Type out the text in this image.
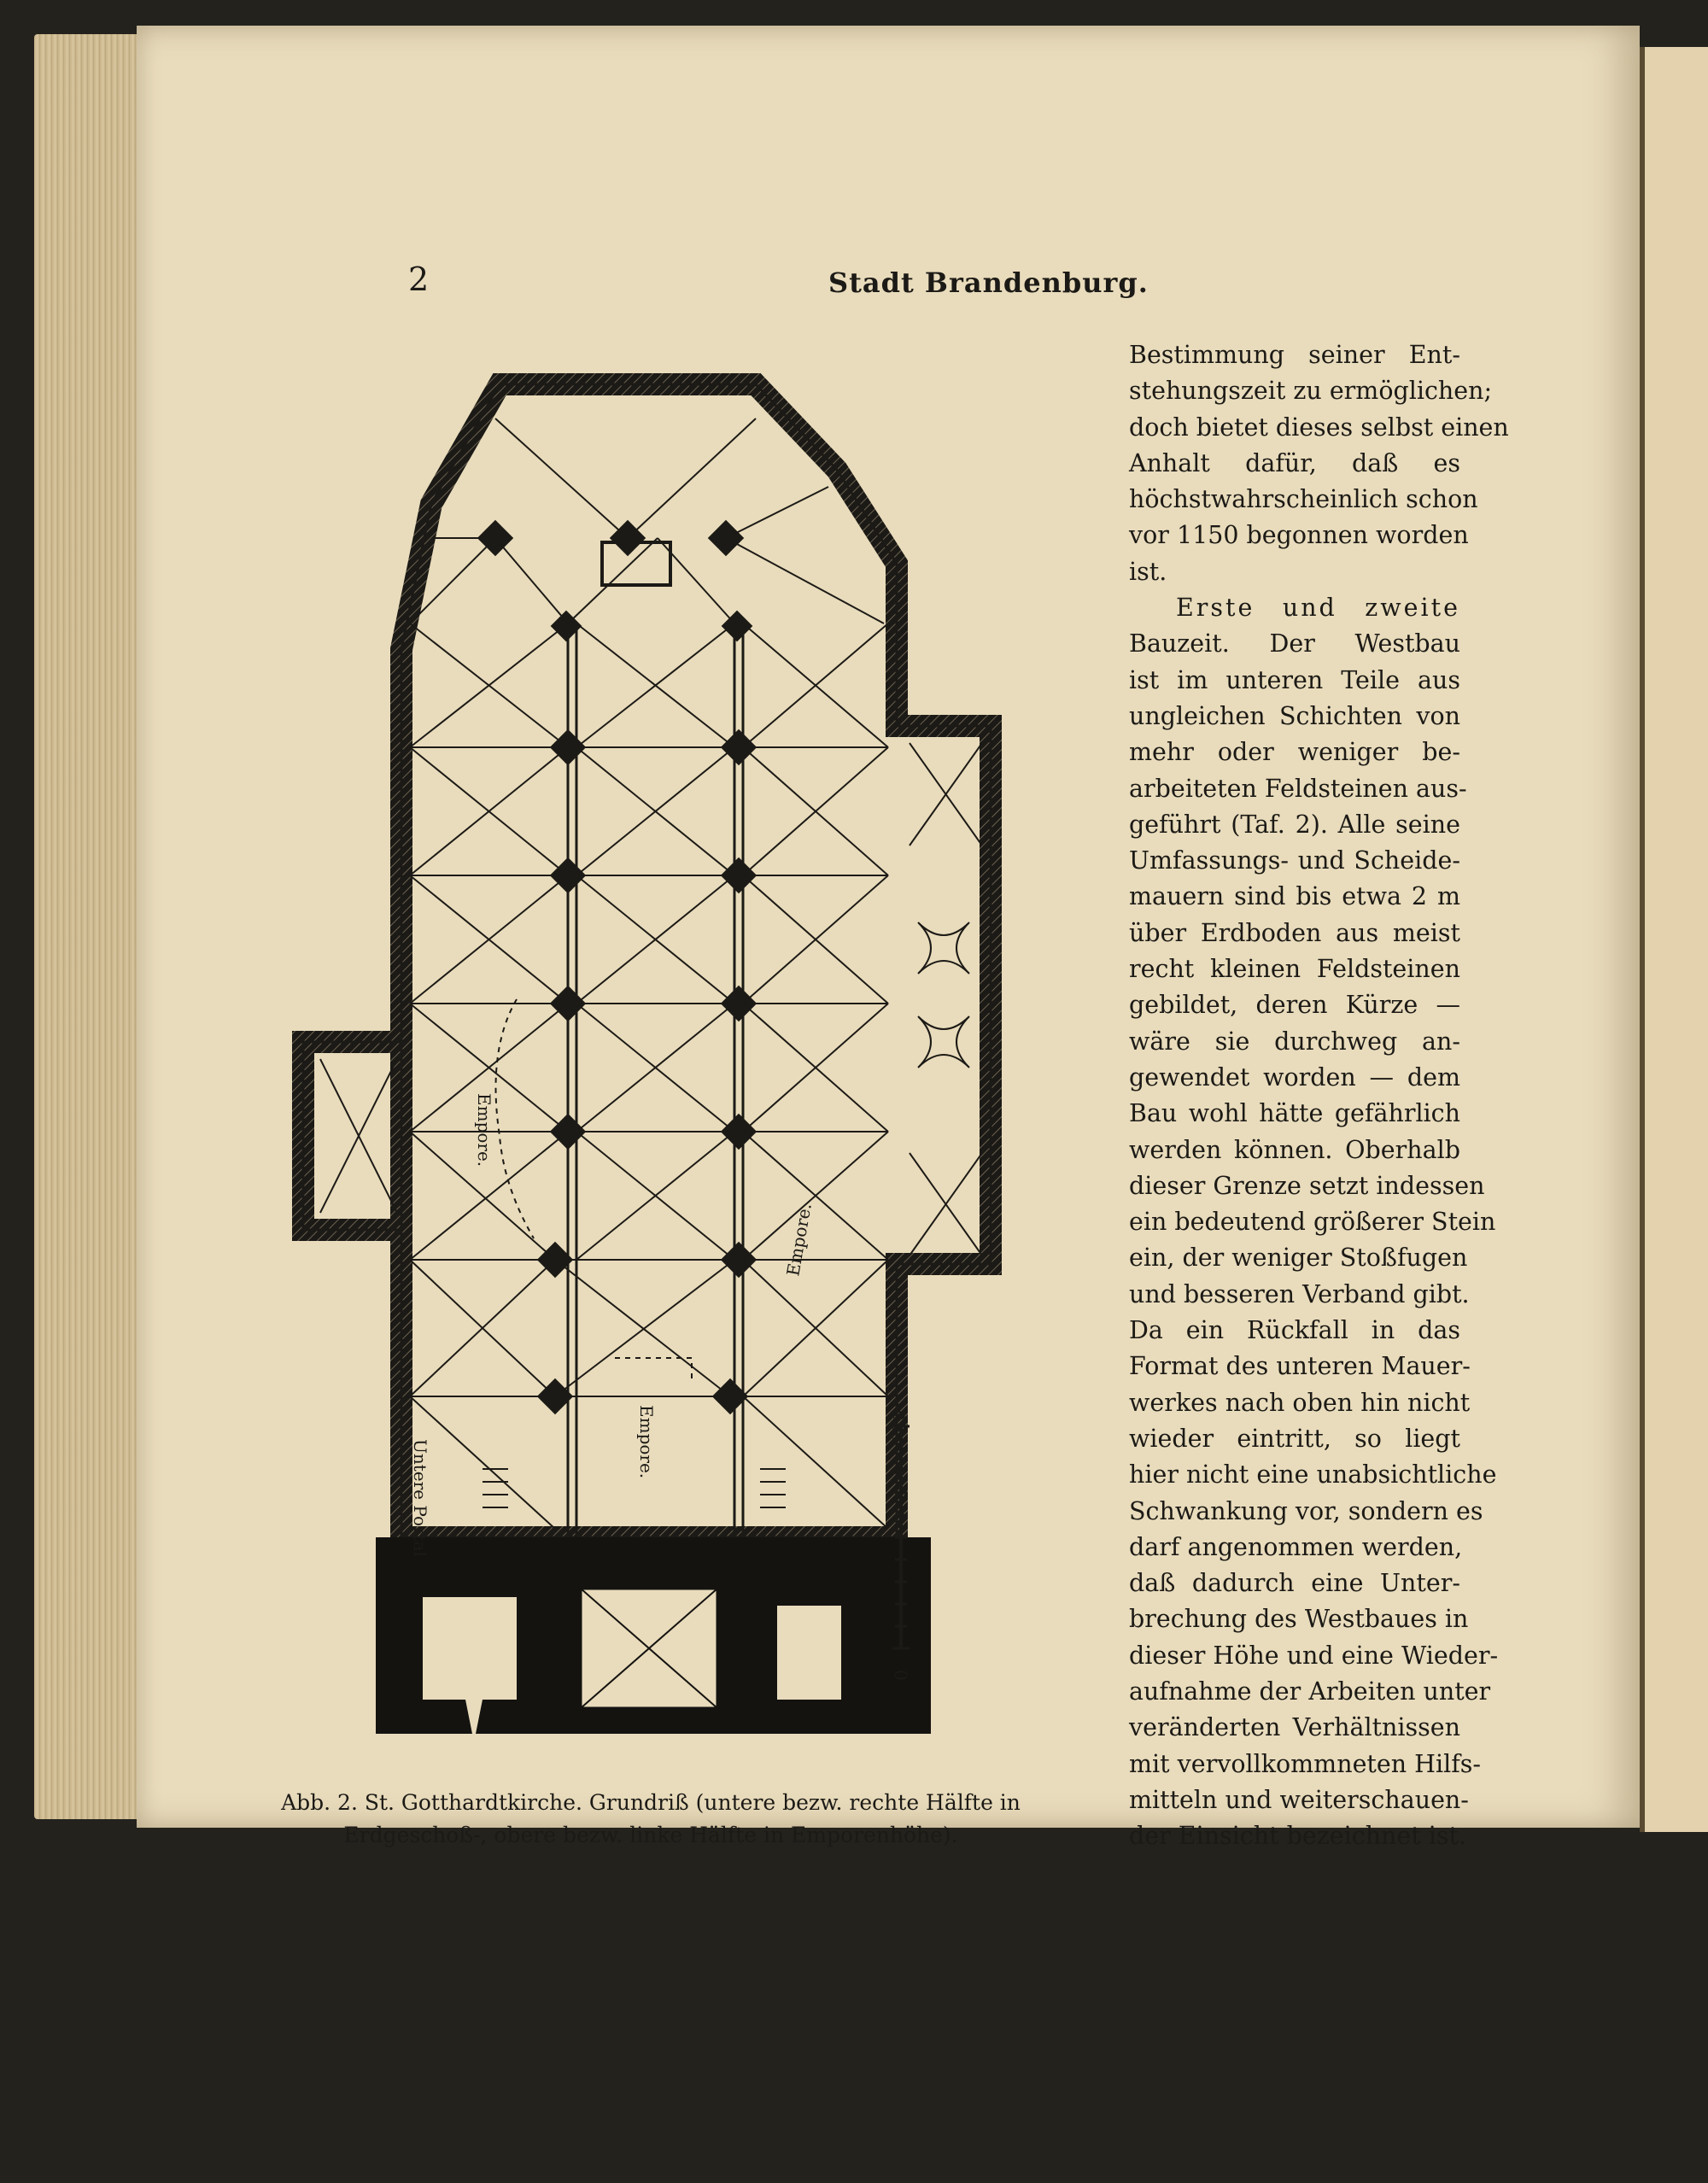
2	Stadt Brandenburg.
Empore.
Empore.
Empore.
Untere Portal
10 m.
0
Abb. 2. St. Gotthardtkirche. Grundriß (untere bezw. rechte Hälfte in
Erdgeschoß-, obere bezw. linke Hälfte in Emporenhöhe).
Bestimmung seiner Ent-
stehungszeit zu ermöglichen;
doch bietet dieses selbst einen
Anhalt dafür, daß es
höchstwahrscheinlich schon
vor 1150 begonnen worden
ist.
Erste und zweite
Bauzeit. Der Westbau
ist im unteren Teile aus
ungleichen Schichten von
mehr oder weniger be-
arbeiteten Feldsteinen aus-
geführt (Taf. 2). Alle seine
Umfassungs- und Scheide-
mauern sind bis etwa 2 m
über Erdboden aus meist
recht kleinen Feldsteinen
gebildet, deren Kürze —
wäre sie durchweg an-
gewendet worden — dem
Bau wohl hätte gefährlich
werden können. Oberhalb
dieser Grenze setzt indessen
ein bedeutend größerer Stein
ein, der weniger Stoßfugen
und besseren Verband gibt.
Da ein Rückfall in das
Format des unteren Mauer-
werkes nach oben hin nicht
wieder eintritt, so liegt
hier nicht eine unabsichtliche
Schwankung vor, sondern es
darf angenommen werden,
daß dadurch eine Unter-
brechung des Westbaues in
dieser Höhe und eine Wieder-
aufnahme der Arbeiten unter
veränderten Verhältnissen
mit vervollkommneten Hilfs-
mitteln und weiterschauen-
der Einsicht bezeichnet ist.
